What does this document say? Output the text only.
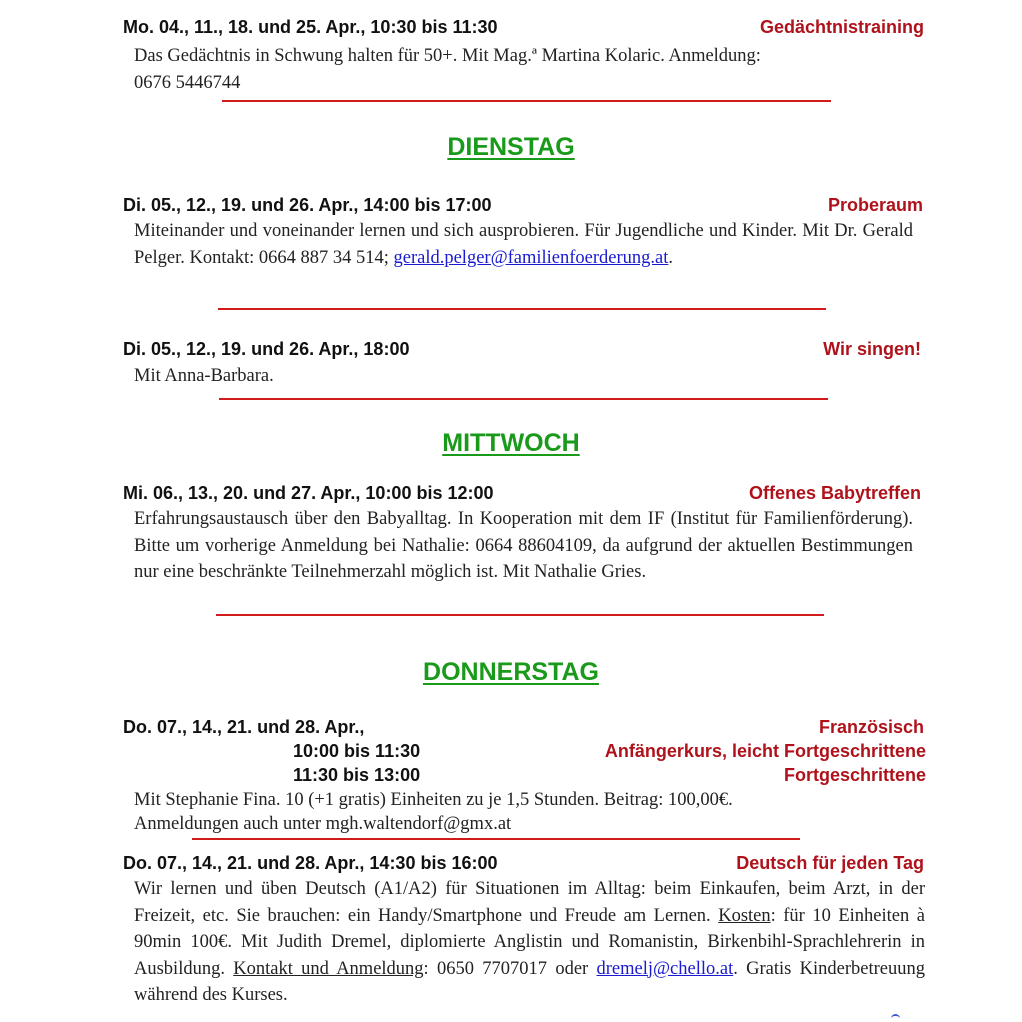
Mo. 04., 11., 18. und 25. Apr., 10:30 bis 11:30	Gedächtnistraining
Das Gedächtnis in Schwung halten für 50+. Mit Mag.ª Martina Kolaric. Anmeldung:
0676 5446744
DIENSTAG
Di. 05., 12., 19. und 26. Apr., 14:00 bis 17:00	Proberaum
Miteinander und voneinander lernen und sich ausprobieren. Für Jugendliche und Kinder. Mit Dr. Gerald Pelger. Kontakt: 0664 887 34 514; gerald.pelger@familienfoerderung.at.
Di. 05., 12., 19. und 26. Apr., 18:00	Wir singen!
Mit Anna-Barbara.
MITTWOCH
Mi. 06., 13., 20. und 27. Apr., 10:00 bis 12:00	Offenes Babytreffen
Erfahrungsaustausch über den Babyalltag. In Kooperation mit dem IF (Institut für Familienförderung). Bitte um vorherige Anmeldung bei Nathalie: 0664 88604109, da aufgrund der aktuellen Bestimmungen nur eine beschränkte Teilnehmerzahl möglich ist. Mit Nathalie Gries.
DONNERSTAG
Do. 07., 14., 21. und 28. Apr.,	Französisch
10:00 bis 11:30	Anfängerkurs, leicht Fortgeschrittene
11:30 bis 13:00	Fortgeschrittene
Mit Stephanie Fina. 10 (+1 gratis) Einheiten zu je 1,5 Stunden. Beitrag: 100,00€.
Anmeldungen auch unter mgh.waltendorf@gmx.at
Do. 07., 14., 21. und 28. Apr., 14:30 bis 16:00	Deutsch für jeden Tag
Wir lernen und üben Deutsch (A1/A2) für Situationen im Alltag: beim Einkaufen, beim Arzt, in der Freizeit, etc. Sie brauchen: ein Handy/Smartphone und Freude am Lernen. Kosten: für 10 Einheiten à 90min 100€. Mit Judith Dremel, diplomierte Anglistin und Romanistin, Birkenbihl-Sprachlehrerin in Ausbildung. Kontakt und Anmeldung: 0650 7707017 oder dremelj@chello.at. Gratis Kinderbetreuung während des Kurses.
